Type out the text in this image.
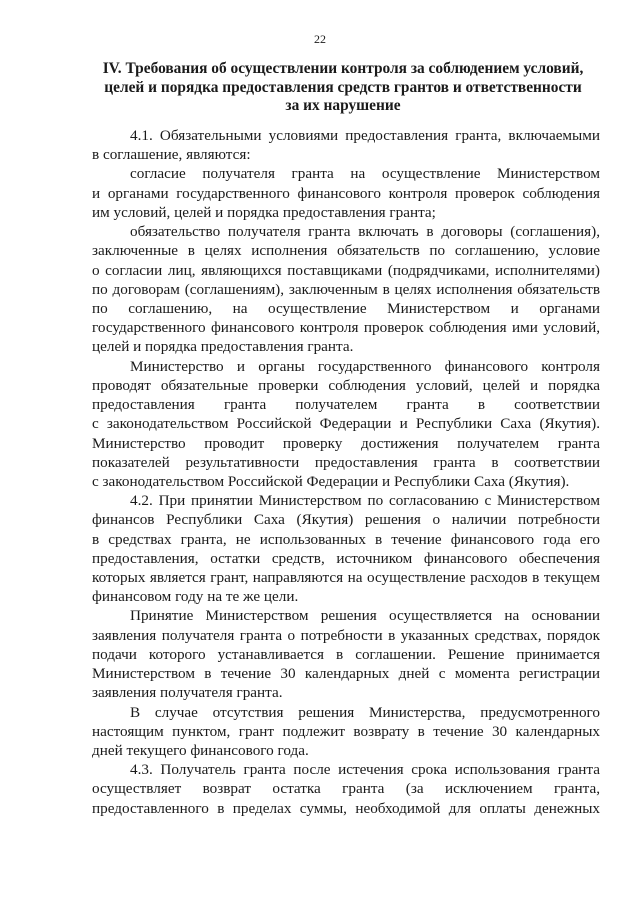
22
IV. Требования об осуществлении контроля за соблюдением условий,
целей и порядка предоставления средств грантов и ответственности
за их нарушение
4.1. Обязательными условиями предоставления гранта, включаемыми
в соглашение, являются:
согласие получателя гранта на осуществление Министерством
и органами государственного финансового контроля проверок соблюдения
им условий, целей и порядка предоставления гранта;
обязательство получателя гранта включать в договоры (соглашения),
заключенные в целях исполнения обязательств по соглашению, условие
о согласии лиц, являющихся поставщиками (подрядчиками, исполнителями)
по договорам (соглашениям), заключенным в целях исполнения обязательств
по соглашению, на осуществление Министерством и органами
государственного финансового контроля проверок соблюдения ими условий,
целей и порядка предоставления гранта.
Министерство и органы государственного финансового контроля
проводят обязательные проверки соблюдения условий, целей и порядка
предоставления гранта получателем гранта в соответствии
с законодательством Российской Федерации и Республики Саха (Якутия).
Министерство проводит проверку достижения получателем гранта
показателей результативности предоставления гранта в соответствии
с законодательством Российской Федерации и Республики Саха (Якутия).
4.2. При принятии Министерством по согласованию с Министерством
финансов Республики Саха (Якутия) решения о наличии потребности
в средствах гранта, не использованных в течение финансового года его
предоставления, остатки средств, источником финансового обеспечения
которых является грант, направляются на осуществление расходов в текущем
финансовом году на те же цели.
Принятие Министерством решения осуществляется на основании
заявления получателя гранта о потребности в указанных средствах, порядок
подачи которого устанавливается в соглашении. Решение принимается
Министерством в течение 30 календарных дней с момента регистрации
заявления получателя гранта.
В случае отсутствия решения Министерства, предусмотренного
настоящим пунктом, грант подлежит возврату в течение 30 календарных
дней текущего финансового года.
4.3. Получатель гранта после истечения срока использования гранта
осуществляет возврат остатка гранта (за исключением гранта,
предоставленного в пределах суммы, необходимой для оплаты денежных
